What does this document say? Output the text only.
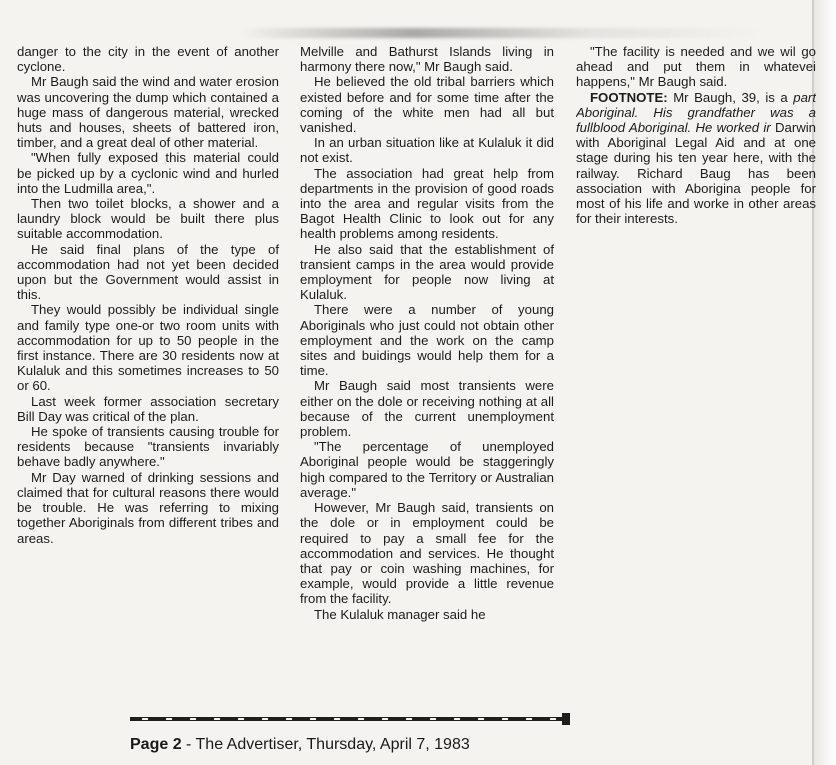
danger to the city in the event of another cyclone.

Mr Baugh said the wind and water erosion was uncovering the dump which contained a huge mass of dangerous material, wrecked huts and houses, sheets of battered iron, timber, and a great deal of other material.

"When fully exposed this material could be picked up by a cyclonic wind and hurled into the Ludmilla area,".

Then two toilet blocks, a shower and a laundry block would be built there plus suitable accommodation.

He said final plans of the type of accommodation had not yet been decided upon but the Government would assist in this.

They would possibly be individual single and family type one-or two room units with accommodation for up to 50 people in the first instance. There are 30 residents now at Kulaluk and this sometimes increases to 50 or 60.

Last week former association secretary Bill Day was critical of the plan.

He spoke of transients causing trouble for residents because "transients invariably behave badly anywhere."

Mr Day warned of drinking sessions and claimed that for cultural reasons there would be trouble. He was referring to mixing together Aboriginals from different tribes and areas.

Melville and Bathurst Islands living in harmony there now," Mr Baugh said.

He believed the old tribal barriers which existed before and for some time after the coming of the white men had all but vanished.

In an urban situation like at Kulaluk it did not exist.

The association had great help from departments in the provision of good roads into the area and regular visits from the Bagot Health Clinic to look out for any health problems among residents.

He also said that the establishment of transient camps in the area would provide employment for people now living at Kulaluk.

There were a number of young Aboriginals who just could not obtain other employment and the work on the camp sites and buidings would help them for a time.

Mr Baugh said most transients were either on the dole or receiving nothing at all because of the current unemployment problem.

"The percentage of unemployed Aboriginal people would be staggeringly high compared to the Territory or Australian average."

However, Mr Baugh said, transients on the dole or in employment could be required to pay a small fee for the accommodation and services. He thought that pay or coin washing machines, for example, would provide a little revenue from the facility.

The Kulaluk manager said he

"The facility is needed and we wil go ahead and put them in whatevei happens," Mr Baugh said.

FOOTNOTE: Mr Baugh, 39, is a part Aboriginal. His grandfather was a fullblood Aboriginal. He worked ir Darwin with Aboriginal Legal Aid and at one stage during his ten year here, with the railway. Richard Baug has been association with Aborigina people for most of his life and worke in other areas for their interests.

Page 2 - The Advertiser, Thursday, April 7, 1983
